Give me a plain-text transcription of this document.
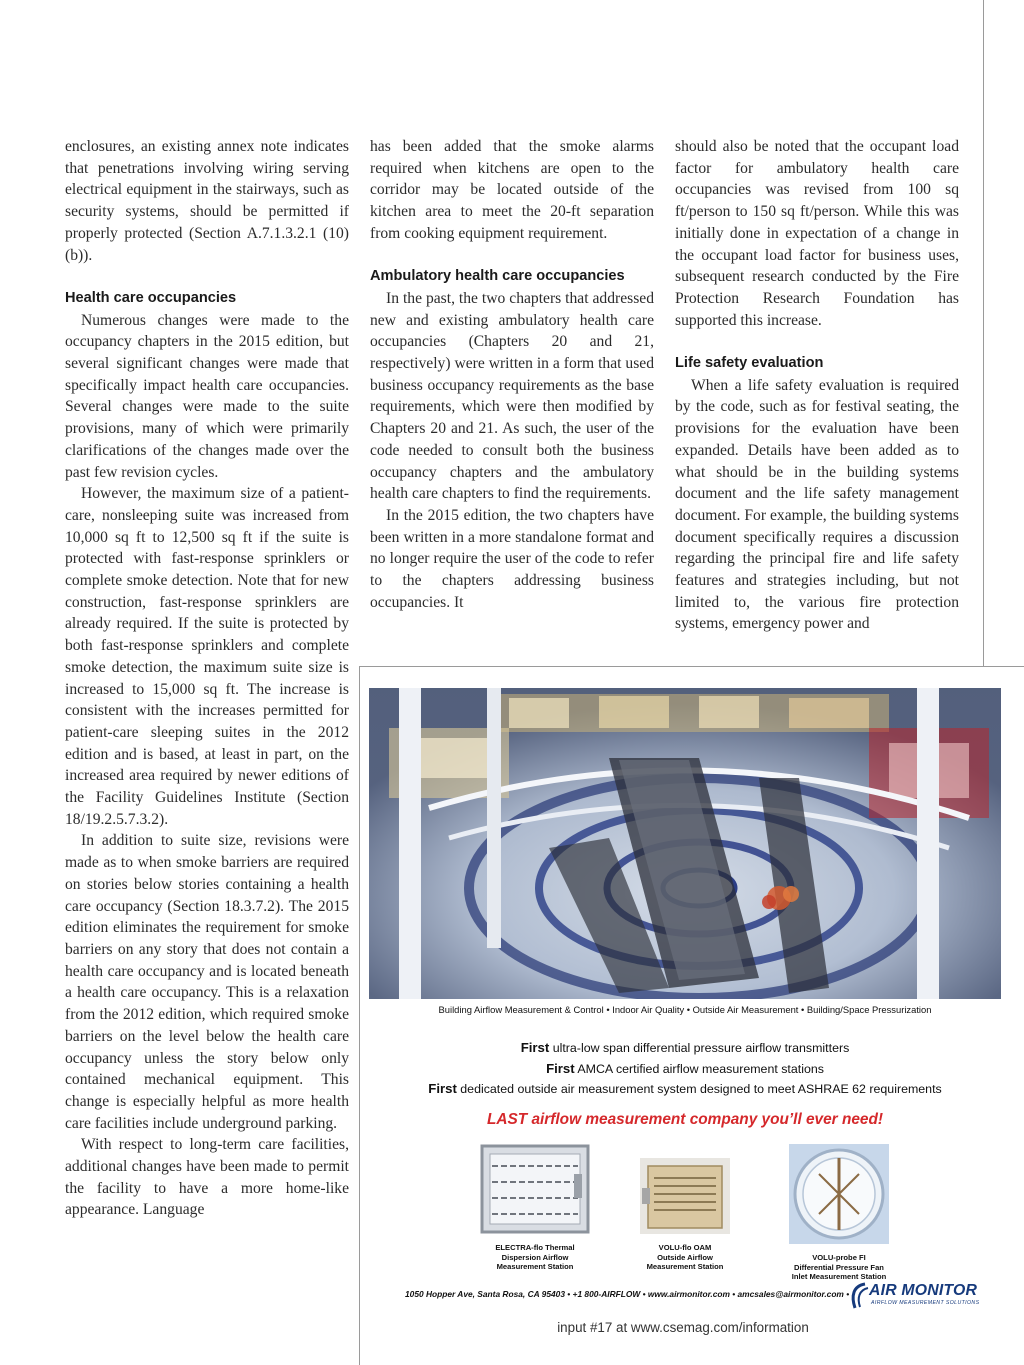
enclosures, an existing annex note indicates that penetrations involving wiring serving electrical equipment in the stairways, such as security systems, should be permitted if properly protected (Section A.7.1.3.2.1 (10)(b)).

Health care occupancies

Numerous changes were made to the occupancy chapters in the 2015 edition, but several significant changes were made that specifically impact health care occupancies. Several changes were made to the suite provisions, many of which were primarily clarifications of the changes made over the past few revision cycles.

However, the maximum size of a patient-care, nonsleeping suite was increased from 10,000 sq ft to 12,500 sq ft if the suite is protected with fast-response sprinklers or complete smoke detection. Note that for new construction, fast-response sprinklers are already required. If the suite is protected by both fast-response sprinklers and complete smoke detection, the maximum suite size is increased to 15,000 sq ft. The increase is consistent with the increases permitted for patient-care sleeping suites in the 2012 edition and is based, at least in part, on the increased area required by newer editions of the Facility Guidelines Institute (Section 18/19.2.5.7.3.2).

In addition to suite size, revisions were made as to when smoke barriers are required on stories below stories containing a health care occupancy (Section 18.3.7.2). The 2015 edition eliminates the requirement for smoke barriers on any story that does not contain a health care occupancy and is located beneath a health care occupancy. This is a relaxation from the 2012 edition, which required smoke barriers on the level below the health care occupancy unless the story below only contained mechanical equipment. This change is especially helpful as more health care facilities include underground parking.

With respect to long-term care facilities, additional changes have been made to permit the facility to have a more home-like appearance. Language

has been added that the smoke alarms required when kitchens are open to the corridor may be located outside of the kitchen area to meet the 20-ft separation from cooking equipment requirement.

Ambulatory health care occupancies

In the past, the two chapters that addressed new and existing ambulatory health care occupancies (Chapters 20 and 21, respectively) were written in a form that used business occupancy requirements as the base requirements, which were then modified by Chapters 20 and 21. As such, the user of the code needed to consult both the business occupancy chapters and the ambulatory health care chapters to find the requirements.

In the 2015 edition, the two chapters have been written in a more standalone format and no longer require the user of the code to refer to the chapters addressing business occupancies. It

should also be noted that the occupant load factor for ambulatory health care occupancies was revised from 100 sq ft/person to 150 sq ft/person. While this was initially done in expectation of a change in the occupant load factor for business uses, subsequent research conducted by the Fire Protection Research Foundation has supported this increase.

Life safety evaluation

When a life safety evaluation is required by the code, such as for festival seating, the provisions for the evaluation have been expanded. Details have been added as to what should be in the building systems document and the life safety management document. For example, the building systems document specifically requires a discussion regarding the principal fire and life safety features and strategies including, but not limited to, the various fire protection systems, emergency power and

Building Airflow Measurement & Control • Indoor Air Quality • Outside Air Measurement • Building/Space Pressurization
First ultra-low span differential pressure airflow transmitters
First AMCA certified airflow measurement stations
First dedicated outside air measurement system designed to meet ASHRAE 62 requirements
LAST airflow measurement company you’ll ever need!
ELECTRA-flo Thermal
Dispersion Airflow
Measurement Station
VOLU-flo OAM
Outside Airflow
Measurement Station
VOLU-probe FI
Differential Pressure Fan
Inlet Measurement Station
1050 Hopper Ave, Santa Rosa, CA 95403 • +1 800-AIRFLOW • www.airmonitor.com • amcsales@airmonitor.com • AIR MONITOR
AIRFLOW MEASUREMENT SOLUTIONS
input #17 at www.csemag.com/information
